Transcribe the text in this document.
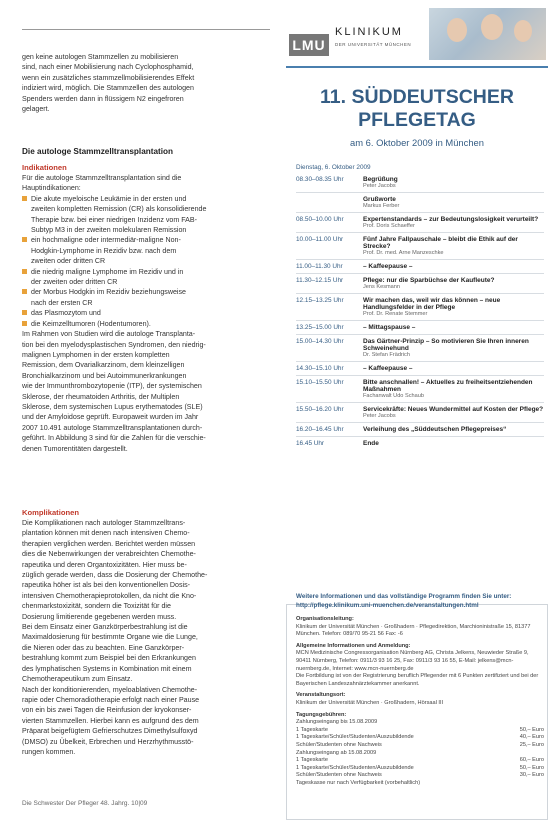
gen keine autologen Stammzellen zu mobilisieren
sind, nach einer Mobilisierung nach Cyclophosphamid,
wenn ein zusätzliches stammzellmobilisierendes Effekt
indiziert wird, möglich. Die Stammzellen des autologen
Spenders werden dann in flüssigem N2 eingefroren
gelagert.
Die autologe Stammzelltransplantation
Indikationen
Für die autologe Stammzelltransplantation sind die
Hauptindikationen:
Die akute myeloische Leukämie in der ersten und
zweiten kompletten Remission (CR) als konsolidierende
Therapie bzw. bei einer niedrigen Inzidenz vom FAB-
Subtyp M3 in der zweiten molekularen Remission
ein hochmaligne oder intermediär-maligne Non-
Hodgkin-Lymphome in Rezidiv bzw. nach dem
zweiten oder dritten CR
die niedrig maligne Lymphome im Rezidiv und in
der zweiten oder dritten CR
der Morbus Hodgkin im Rezidiv beziehungsweise
nach der ersten CR
das Plasmozytom und
die Keimzelltumoren (Hodentumoren).
Im Rahmen von Studien wird die autologe Transplanta-
tion bei den myelodysplastischen Syndromen, den niedrig-
malignen Lymphomen in der ersten kompletten
Remission, dem Ovarialkarzinom, dem kleinzelligen
Bronchialkarzinom und bei Autoimmunerkrankungen
wie der Immunthrombozytopenie (ITP), der systemischen
Sklerose, der rheumatoiden Arthritis, der Multiplen
Sklerose, dem systemischen Lupus erythematodes (SLE)
und der Amyloidose geprüft. Europaweit wurden im Jahr
2007 10.491 autologe Stammzelltransplantationen durch-
geführt. In Abbildung 3 sind für die Zahlen für die verschie-
denen Tumorentitäten dargestellt.
Komplikationen
Die Komplikationen nach autologer Stammzelltrans-
plantation können mit denen nach intensiven Chemo-
therapien verglichen werden. Berichtet werden müssen
dies die Nebenwirkungen der verabreichten Chemothe-
rapeutika und deren Organtoxizitäten. Hier muss be-
züglich gerade werden, dass die Dosierung der Chemothe-
rapeutika höher ist als bei den konventionellen Dosis-
intensiven Chemotherapieprotokollen, da nicht die Kno-
chenmarkstoxizität, sondern die Toxizität für die
Dosierung limitierende gegebenen werden muss.
Bei dem Einsatz einer Ganzkörperbestrahlung ist die
Maximaldosierung für bestimmte Organe wie die Lunge,
die Nieren oder das zu beachten. Eine Ganzkörper-
bestrahlung kommt zum Beispiel bei den Erkrankungen
des lymphatischen Systems in Kombination mit einem
Chemotherapeutikum zum Einsatz.
Nach der konditionierenden, myeloablativen Chemothe-
rapie oder Chemoradiotherapie erfolgt nach einer Pause
von ein bis zwei Tagen die Reinfusion der kryokonser-
vierten Stammzellen. Hierbei kann es aufgrund des dem
Präparat beigefügtem Gefrierschutzes Dimethylsulfoxyd
(DMSO) zu Übelkeit, Erbrechen und Herzrhythmusstö-
rungen kommen.
Die Schwester Der Pfleger 48. Jahrg. 10|09
LMU
KLINIKUM
DER UNIVERSITÄT MÜNCHEN
11. SÜDDEUTSCHER
PFLEGETAG
am 6. Oktober 2009 in München
Dienstag, 6. Oktober 2009
08.30–08.35 Uhr	Begrüßung
Peter Jacobs
Grußworte
Markus Ferber
08.50–10.00 Uhr	Expertenstandards – zur Bedeutungslosigkeit verurteilt?
Prof. Doris Schaeffer
10.00–11.00 Uhr	Fünf Jahre Fallpauschale – bleibt die Ethik auf der Strecke?
Prof. Dr. med. Arne Manzeschke
11.00–11.30 Uhr	– Kaffeepause –
11.30–12.15 Uhr	Pflege: nur die Sparbüchse der Kaufleute?
Jens Kesmann
12.15–13.25 Uhr	Wir machen das, weil wir das können – neue Handlungsfelder in der Pflege
Prof. Dr. Renate Stemmer
13.25–15.00 Uhr	– Mittagspause –
15.00–14.30 Uhr	Das Gärtner-Prinzip – So motivieren Sie Ihren inneren Schweinehund
Dr. Stefan Frädrich
14.30–15.10 Uhr	– Kaffeepause –
15.10–15.50 Uhr	Bitte anschnallen! – Aktuelles zu freiheitsentziehenden Maßnahmen
Fachanwalt Udo Schaub
15.50–16.20 Uhr	Servicekräfte: Neues Wundermittel auf Kosten der Pflege?
Peter Jacobs
16.20–16.45 Uhr	Verleihung des „Süddeutschen Pflegepreises“
16.45 Uhr	Ende
Weitere Informationen und das vollständige Programm finden Sie unter: http://pflege.klinikum.uni-muenchen.de/veranstaltungen.html
Organisationsleitung:
Klinikum der Universität München · Großhadern · Pflegedirektion, Marchioninistraße 15, 81377 München. Telefon: 089/70 95-21 56 Fax: -6
Allgemeine Informationen und Anmeldung:
MCN Medizinische Congressorganisation Nürnberg AG, Christa Jelkens, Neuwieder Straße 9, 90411 Nürnberg, Telefon: 0911/3 93 16 25, Fax: 0911/3 93 16 55, E-Mail: jelkens@mcn-nuernberg.de, Internet: www.mcn-nuernberg.de
Die Fortbildung ist von der Registrierung beruflich Pflegender mit 6 Punkten zertifiziert und bei der Bayerischen Landeszahnärztekammer anerkannt.
Veranstaltungsort:
Klinikum der Universität München · Großhadern, Hörsaal III
Tagungsgebühren:
Zahlungseingang bis 15.08.2009
1 Tageskarte	50,– Euro
1 Tageskarte/Schüler/Studenten/Auszubildende	40,– Euro
Schüler/Studenten ohne Nachweis	25,– Euro
Zahlungseingang ab 15.08.2009
1 Tageskarte	60,– Euro
1 Tageskarte/Schüler/Studenten/Auszubildende	50,– Euro
Schüler/Studenten ohne Nachweis	30,– Euro
Tageskasse nur nach Verfügbarkeit (vorbehaltlich)
